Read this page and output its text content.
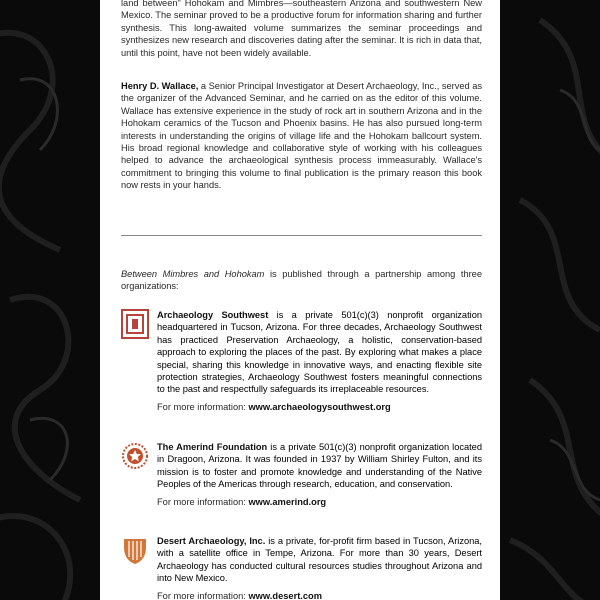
land between" Hohokam and Mimbres—southeastern Arizona and southwestern New Mexico. The seminar proved to be a productive forum for information sharing and further synthesis. This long-awaited volume summarizes the seminar proceedings and synthesizes new research and discoveries dating after the seminar. It is rich in data that, until this point, have not been widely available.

Henry D. Wallace, a Senior Principal Investigator at Desert Archaeology, Inc., served as the organizer of the Advanced Seminar, and he carried on as the editor of this volume. Wallace has extensive experience in the study of rock art in southern Arizona and in the Hohokam ceramics of the Tucson and Phoenix basins. He has also pursued long-term interests in understanding the origins of village life and the Hohokam ballcourt system. His broad regional knowledge and collaborative style of working with his colleagues helped to advance the archaeological synthesis process immeasurably. Wallace's commitment to bringing this volume to final publication is the primary reason this book now rests in your hands.

Between Mimbres and Hohokam is published through a partnership among three organizations:

Archaeology Southwest is a private 501(c)(3) nonprofit organization headquartered in Tucson, Arizona. For three decades, Archaeology Southwest has practiced Preservation Archaeology, a holistic, conservation-based approach to exploring the places of the past. By exploring what makes a place special, sharing this knowledge in innovative ways, and enacting flexible site protection strategies, Archaeology Southwest fosters meaningful connections to the past and respectfully safeguards its irreplaceable resources.

For more information: www.archaeologysouthwest.org

The Amerind Foundation is a private 501(c)(3) nonprofit organization located in Dragoon, Arizona. It was founded in 1937 by William Shirley Fulton, and its mission is to foster and promote knowledge and understanding of the Native Peoples of the Americas through research, education, and conservation.

For more information: www.amerind.org

Desert Archaeology, Inc. is a private, for-profit firm based in Tucson, Arizona, with a satellite office in Tempe, Arizona. For more than 30 years, Desert Archaeology has conducted cultural resources studies throughout Arizona and into New Mexico.

For more information: www.desert.com
